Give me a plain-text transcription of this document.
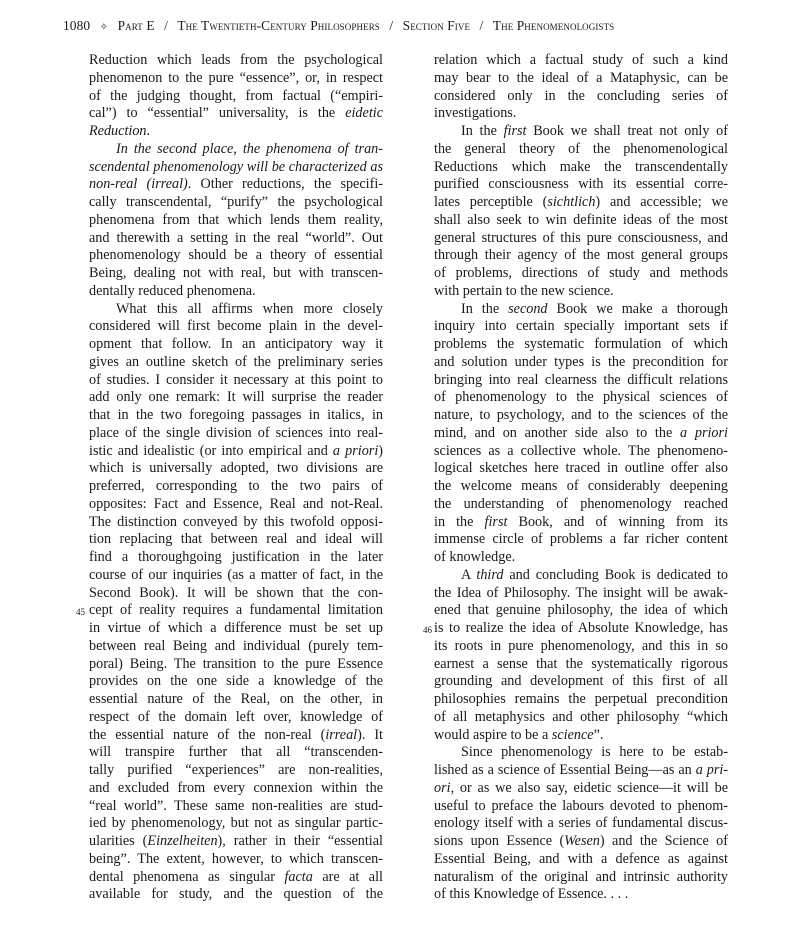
1080 ✧ Part E / The Twentieth-Century Philosophers / Section Five / The Phenomenologists
Reduction which leads from the psychological
phenomenon to the pure “essence”, or, in respect
of the judging thought, from factual (“empiri-
cal”) to “essential” universality, is the eidetic
Reduction.
In the second place, the phenomena of tran-
scendental phenomenology will be characterized as
non-real (irreal). Other reductions, the specifi-
cally transcendental, “purify” the psychological
phenomena from that which lends them reality,
and therewith a setting in the real “world”. Out
phenomenology should be a theory of essential
Being, dealing not with real, but with transcen-
dentally reduced phenomena.
What this all affirms when more closely
considered will first become plain in the devel-
opment that follow. In an anticipatory way it
gives an outline sketch of the preliminary series
of studies. I consider it necessary at this point to
add only one remark: It will surprise the reader
that in the two foregoing passages in italics, in
place of the single division of sciences into real-
istic and idealistic (or into empirical and a priori)
which is universally adopted, two divisions are
preferred, corresponding to the two pairs of
opposites: Fact and Essence, Real and not-Real.
The distinction conveyed by this twofold opposi-
tion replacing that between real and ideal will
find a thoroughgoing justification in the later
course of our inquiries (as a matter of fact, in the
Second Book). It will be shown that the con-
cept of reality requires a fundamental limitation
45
in virtue of which a difference must be set up
between real Being and individual (purely tem-
poral) Being. The transition to the pure Essence
provides on the one side a knowledge of the
essential nature of the Real, on the other, in
respect of the domain left over, knowledge of
the essential nature of the non-real (irreal). It
will transpire further that all “transcenden-
tally purified “experiences” are non-realities,
and excluded from every connexion within the
“real world”. These same non-realities are stud-
ied by phenomenology, but not as singular partic-
ularities (Einzelheiten), rather in their “essential
being”. The extent, however, to which transcen-
dental phenomena as singular facta are at all
available for study, and the question of the
relation which a factual study of such a kind
may bear to the ideal of a Mataphysic, can be
considered only in the concluding series of
investigations.
In the first Book we shall treat not only of
the general theory of the phenomenological
Reductions which make the transcendentally
purified consciousness with its essential corre-
lates perceptible (sichtlich) and accessible; we
shall also seek to win definite ideas of the most
general structures of this pure consciousness, and
through their agency of the most general groups
of problems, directions of study and methods
with pertain to the new science.
In the second Book we make a thorough
inquiry into certain specially important sets if
problems the systematic formulation of which
and solution under types is the precondition for
bringing into real clearness the difficult relations
of phenomenology to the physical sciences of
nature, to psychology, and to the sciences of the
mind, and on another side also to the a priori
sciences as a collective whole. The phenomeno-
logical sketches here traced in outline offer also
the welcome means of considerably deepening
the understanding of phenomenology reached
in the first Book, and of winning from its
immense circle of problems a far richer content
of knowledge.
A third and concluding Book is dedicated to
the Idea of Philosophy. The insight will be awak-
ened that genuine philosophy, the idea of which
is to realize the idea of Absolute Knowledge, has
46
its roots in pure phenomenology, and this in so
earnest a sense that the systematically rigorous
grounding and development of this first of all
philosophies remains the perpetual precondition
of all metaphysics and other philosophy “which
would aspire to be a science”.
Since phenomenology is here to be estab-
lished as a science of Essential Being—as an a pri-
ori, or as we also say, eidetic science—it will be
useful to preface the labours devoted to phenom-
enology itself with a series of fundamental discus-
sions upon Essence (Wesen) and the Science of
Essential Being, and with a defence as against
naturalism of the original and intrinsic authority
of this Knowledge of Essence. . . .
